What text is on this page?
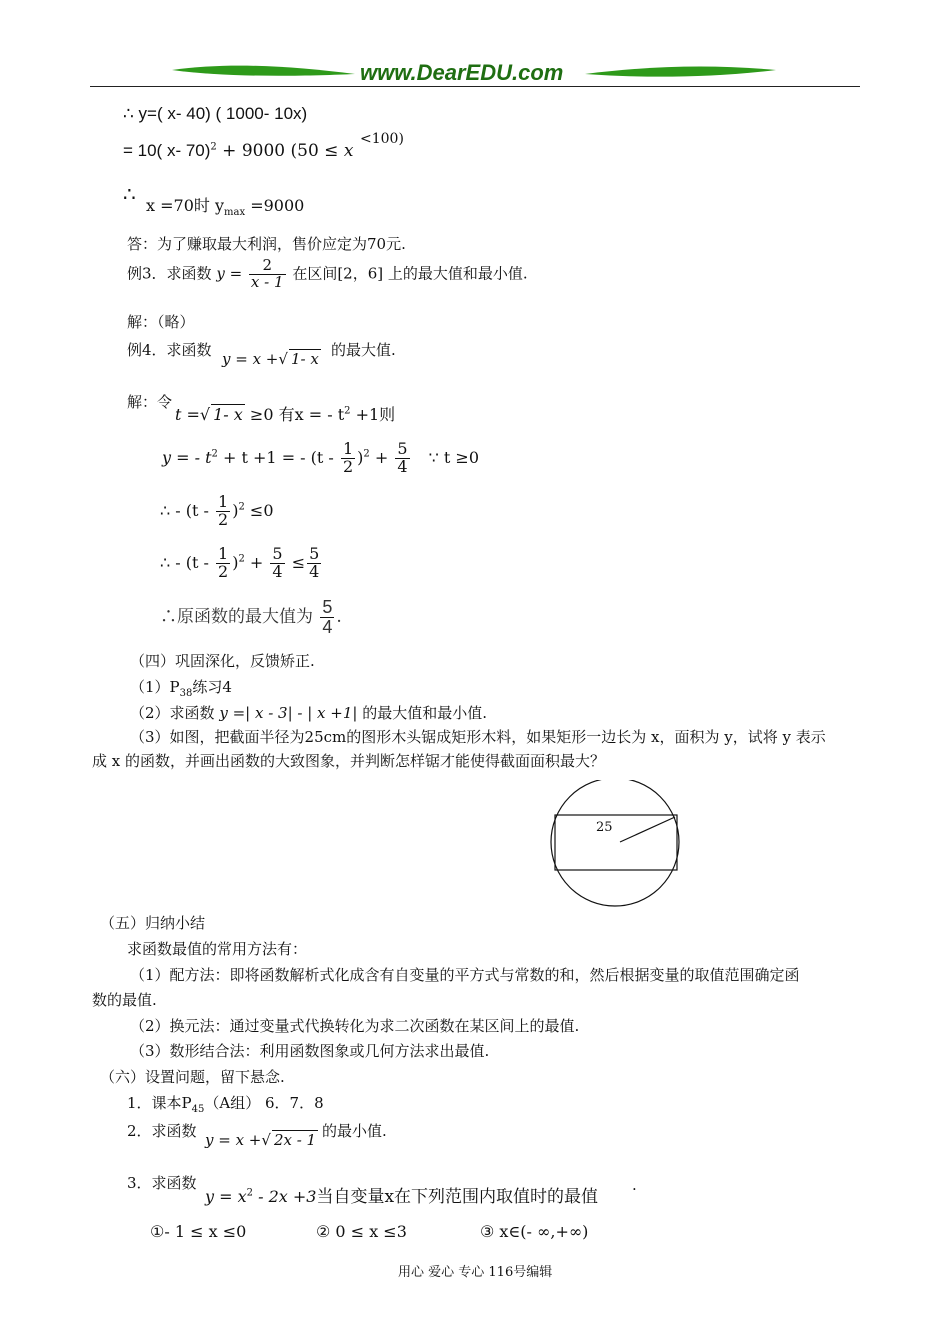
www.DearEDU.com
∴ y=( x- 40) ( 1000- 10x)
= 10( x- 70)$^2$ + 9000 (50 ≤ x
<100)
∴ x =70时 $y_{max} =9000$
答：为了赚取最大利润，售价应定为70元.
例3．求函数 $y = \frac{2}{x - 1}$ 在区间[2，6] 上的最大值和最小值.
解：（略）
例4．求函数 y = x +√ 1- x 的最大值.
解：令
t =√ 1- x ≥0 有x = - $t^2 +1$则
y = - $t^2 + t +1$ = - $(t - \frac{1}{2} )^2 + \frac{5}{4}$ ∵ t ≥0
∴ - $(t - \frac{1}{2} )^2 \le 0$
∴ - $(t - \frac{1}{2} )^2 + \frac{5}{4} \le \frac{5}{4}$
∴原函数的最大值为 $\frac{5}{4}$ .
（四）巩固深化，反馈矫正.
$(1)P_{38}$练习4
（2）求函数 y =| x - 3| - | x +1| 的最大值和最小值.
（3）如图，把截面半径为25cm的图形木头锯成矩形木料，如果矩形一边长为 x，面积为 y，试将 y 表示
成 x 的函数，并画出函数的大致图象，并判断怎样锯才能使得截面面积最大？
25
（五）归纳小结
求函数最值的常用方法有：
（1）配方法：即将函数解析式化成含有自变量的平方式与常数的和，然后根据变量的取值范围确定函
数的最值.
（2）换元法：通过变量式代换转化为求二次函数在某区间上的最值.
（3）数形结合法：利用函数图象或几何方法求出最值.
（六）设置问题，留下悬念.
1．课本$P_{45}(A$组） 6．7．8
2．求函数 y = x +√ 2x - 1 的最小值.
3．求函数
$y = x^2 - 2x +3$当自变量x在下列范围内取值时的最值
.
①- 1 ≤ x ≤0	② 0 ≤ x ≤3	③ x∈(- ∞,+∞)
用心 爱心 专心 116号编辑
